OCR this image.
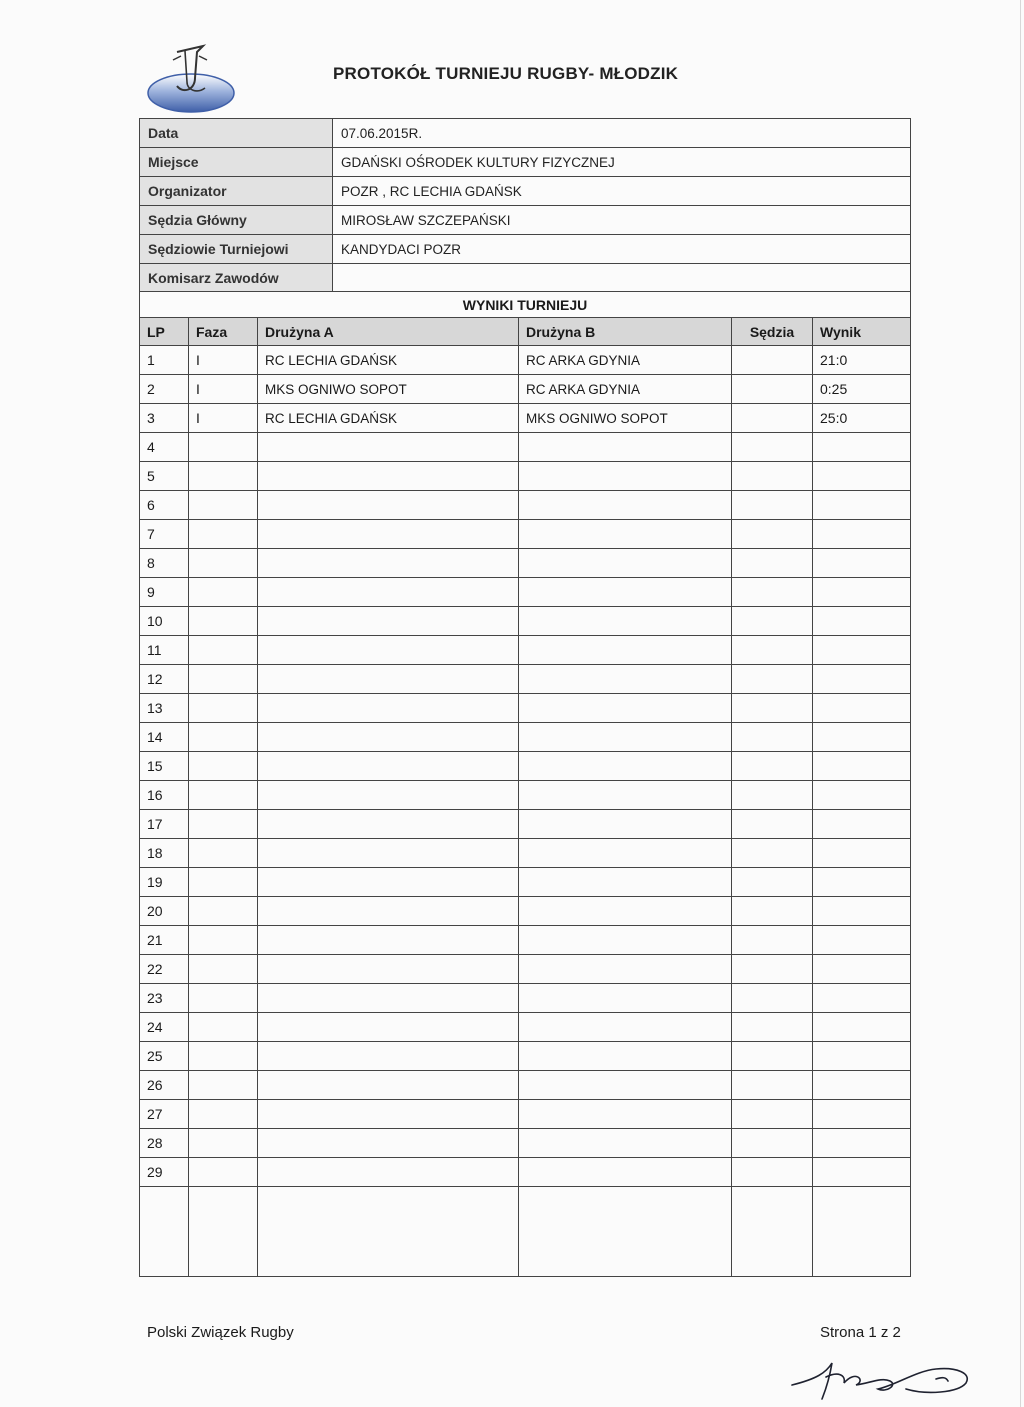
PROTOKÓŁ TURNIEJU RUGBY- MŁODZIK
Data	07.06.2015R.
Miejsce	GDAŃSKI OŚRODEK KULTURY FIZYCZNEJ
Organizator	POZR , RC LECHIA GDAŃSK
Sędzia Główny	MIROSŁAW SZCZEPAŃSKI
Sędziowie Turniejowi	KANDYDACI POZR
Komisarz Zawodów	
WYNIKI TURNIEJU					
LP	Faza	Drużyna A	Drużyna B	Sędzia	Wynik
1	I	RC LECHIA GDAŃSK	RC ARKA GDYNIA		21:0
2	I	MKS OGNIWO SOPOT	RC ARKA GDYNIA		0:25
3	I	RC LECHIA GDAŃSK	MKS OGNIWO SOPOT		25:0
4					
5					
6					
7					
8					
9					
10					
11					
12					
13					
14					
15					
16					
17					
18					
19					
20					
21					
22					
23					
24					
25					
26					
27					
28					
29					

Polski Związek Rugby	Strona 1 z 2
